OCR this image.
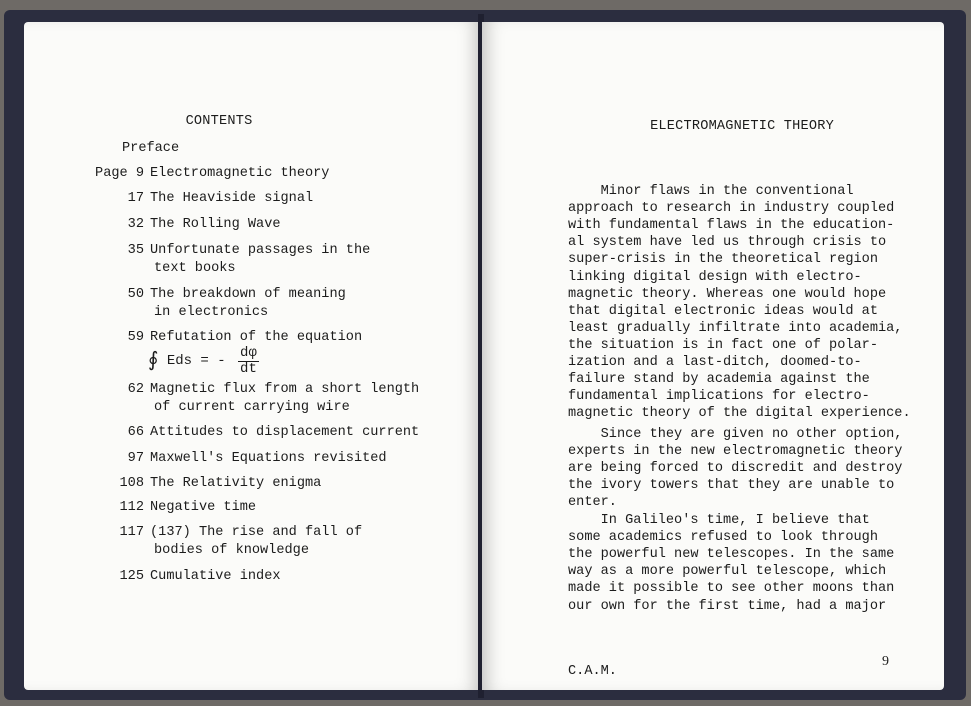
CONTENTS
Preface
Page 9 Electromagnetic theory
17 The Heaviside signal
32 The Rolling Wave
35 Unfortunate passages in the
text books
50 The breakdown of meaning
in electronics
59 Refutation of the equation
62 Magnetic flux from a short length
of current carrying wire
66 Attitudes to displacement current
97 Maxwell's Equations revisited
108 The Relativity enigma
112 Negative time
117 (137) The rise and fall of
bodies of knowledge
125 Cumulative index
∮ Eds = - $\frac{d\varphi}{dt}$
ELECTROMAGNETIC THEORY
Minor flaws in the conventional
approach to research in industry coupled
with fundamental flaws in the education-
al system have led us through crisis to
super-crisis in the theoretical region
linking digital design with electro-
magnetic theory. Whereas one would hope
that digital electronic ideas would at
least gradually infiltrate into academia,
the situation is in fact one of polar-
ization and a last-ditch, doomed-to-
failure stand by academia against the
fundamental implications for electro-
magnetic theory of the digital experience.
Since they are given no other option,
experts in the new electromagnetic theory
are being forced to discredit and destroy
the ivory towers that they are unable to
enter.
In Galileo's time, I believe that
some academics refused to look through
the powerful new telescopes. In the same
way as a more powerful telescope, which
made it possible to see other moons than
our own for the first time, had a major
C.A.M.
9
